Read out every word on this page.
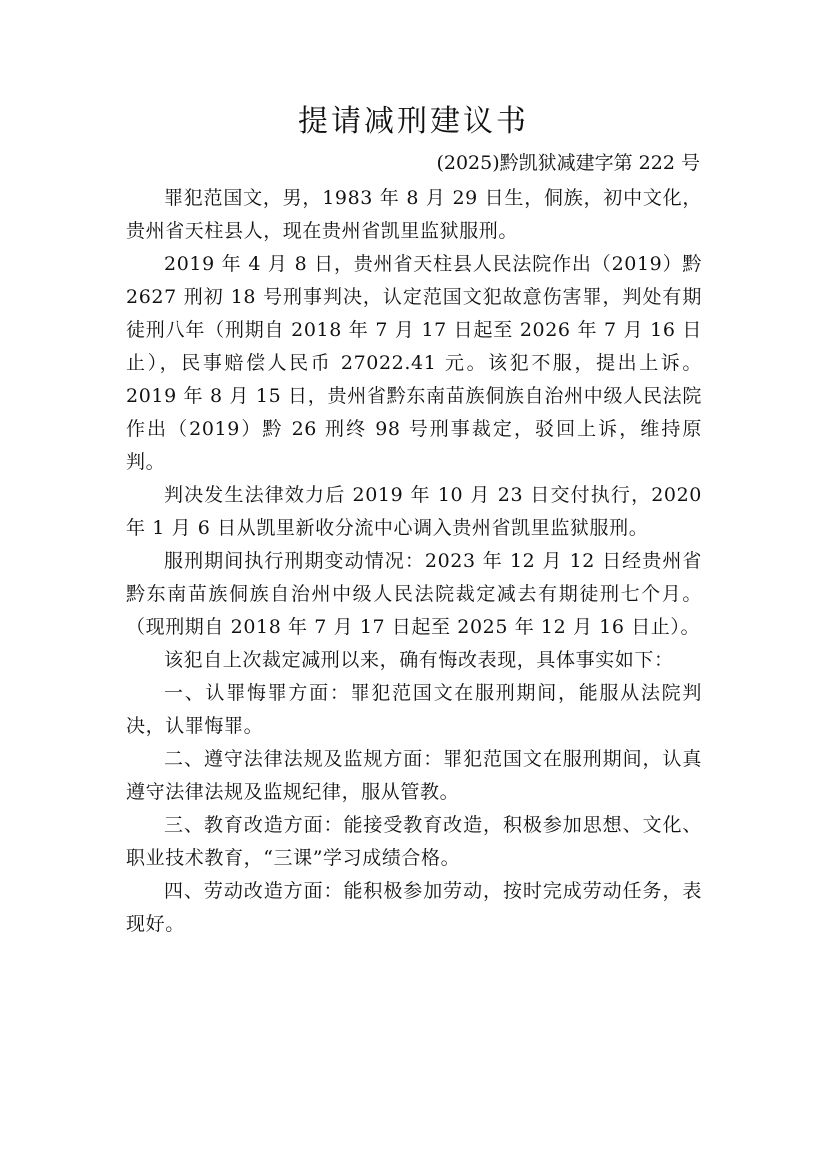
提请减刑建议书

(2025)黔凯狱减建字第 222 号

罪犯范国文，男，1983 年 8 月 29 日生，侗族，初中文化，贵州省天柱县人，现在贵州省凯里监狱服刑。

2019 年 4 月 8 日，贵州省天柱县人民法院作出（2019）黔 2627 刑初 18 号刑事判决，认定范国文犯故意伤害罪，判处有期徒刑八年（刑期自 2018 年 7 月 17 日起至 2026 年 7 月 16 日止），民事赔偿人民币 27022.41 元。该犯不服，提出上诉。2019 年 8 月 15 日，贵州省黔东南苗族侗族自治州中级人民法院作出（2019）黔 26 刑终 98 号刑事裁定，驳回上诉，维持原判。

判决发生法律效力后 2019 年 10 月 23 日交付执行，2020 年 1 月 6 日从凯里新收分流中心调入贵州省凯里监狱服刑。

服刑期间执行刑期变动情况：2023 年 12 月 12 日经贵州省黔东南苗族侗族自治州中级人民法院裁定减去有期徒刑七个月。（现刑期自 2018 年 7 月 17 日起至 2025 年 12 月 16 日止）。

该犯自上次裁定减刑以来，确有悔改表现，具体事实如下：

一、认罪悔罪方面：罪犯范国文在服刑期间，能服从法院判决，认罪悔罪。

二、遵守法律法规及监规方面：罪犯范国文在服刑期间，认真遵守法律法规及监规纪律，服从管教。

三、教育改造方面：能接受教育改造，积极参加思想、文化、职业技术教育，“三课”学习成绩合格。

四、劳动改造方面：能积极参加劳动，按时完成劳动任务，表现好。
